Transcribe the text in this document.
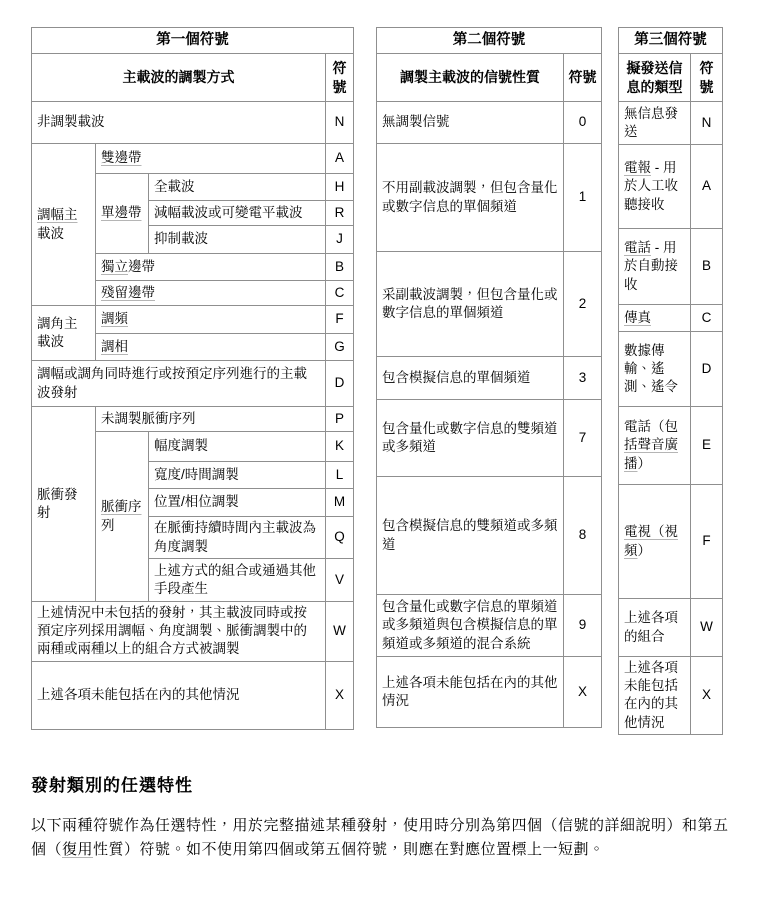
第一個符號			
主載波的調製方式			符號
非調製載波			N
調幅主載波	雙邊帶		A
	單邊帶	全載波	H
		減幅載波或可變電平載波	R
		抑制載波	J
	獨立邊帶		B
	殘留邊帶		C
調角主載波	調頻		F
	調相		G
調幅或調角同時進行或按預定序列進行的主載波發射			D
脈衝發射	未調製脈衝序列		P
	脈衝序列	幅度調製	K
		寬度/時間調製	L
		位置/相位調製	M
		在脈衝持續時間內主載波為角度調製	Q
		上述方式的組合或通過其他手段產生	V
上述情況中未包括的發射，其主載波同時或按預定序列採用調幅、角度調製、脈衝調製中的兩種或兩種以上的組合方式被調製			W
上述各項未能包括在內的其他情況			X
第二個符號	
調製主載波的信號性質	符號
無調製信號	0
不用副載波調製，但包含量化或數字信息的單個頻道	1
采副載波調製，但包含量化或數字信息的單個頻道	2
包含模擬信息的單個頻道	3
包含量化或數字信息的雙頻道或多頻道	7
包含模擬信息的雙頻道或多頻道	8
包含量化或數字信息的單頻道或多頻道與包含模擬信息的單頻道或多頻道的混合系統	9
上述各項未能包括在內的其他情況	X
第三個符號	
擬發送信息的類型	符號
無信息發送	N
電報 - 用於人工收聽接收	A
電話 - 用於自動接收	B
傳真	C
數據傳輸、遙測、遙令	D
電話（包括聲音廣播）	E
電視（視頻）	F
上述各項的組合	W
上述各項未能包括在內的其他情況	X
發射類別的任選特性

以下兩種符號作為任選特性，用於完整描述某種發射，使用時分別為第四個（信號的詳細說明）和第五個（復用性質）符號。如不使用第四個或第五個符號，則應在對應位置標上一短劃。
